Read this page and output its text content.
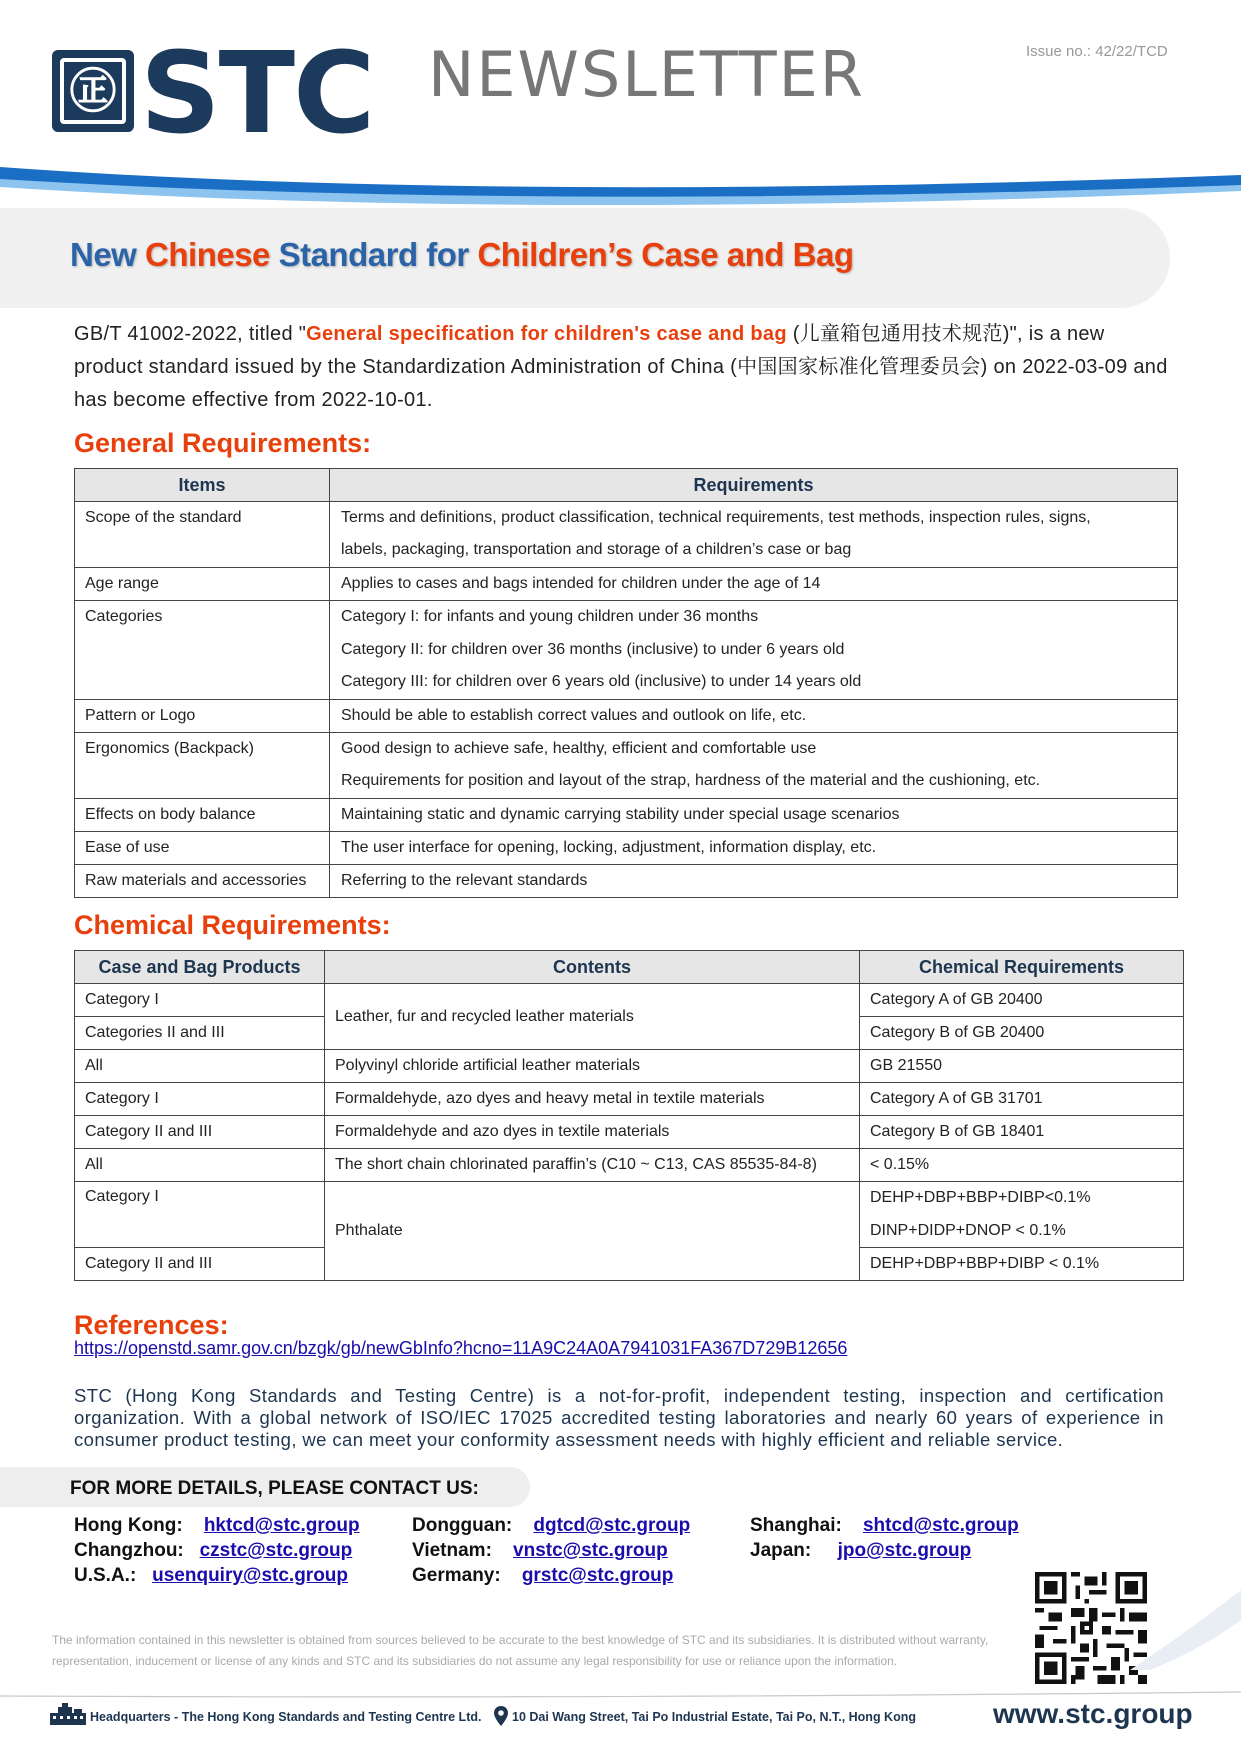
㊣ STC NEWSLETTER	Issue no.: 42/22/TCD
New Chinese Standard for Children’s Case and Bag
GB/T 41002-2022, titled "General specification for children's case and bag (儿童箱包通用技术规范)", is a new product standard issued by the Standardization Administration of China (中国国家标准化管理委员会) on 2022-03-09 and has become effective from 2022-10-01.
General Requirements:
Items	Requirements
Scope of the standard	Terms and definitions, product classification, technical requirements, test methods, inspection rules, signs,
labels, packaging, transportation and storage of a children’s case or bag

Age range	Applies to cases and bags intended for children under the age of 14

Categories	Category I: for infants and young children under 36 months
Category II: for children over 36 months (inclusive) to under 6 years old
Category III: for children over 6 years old (inclusive) to under 14 years old

Pattern or Logo	Should be able to establish correct values and outlook on life, etc.

Ergonomics (Backpack)	Good design to achieve safe, healthy, efficient and comfortable use
Requirements for position and layout of the strap, hardness of the material and the cushioning, etc.

Effects on body balance	Maintaining static and dynamic carrying stability under special usage scenarios

Ease of use	The user interface for opening, locking, adjustment, information display, etc.

Raw materials and accessories	Referring to the relevant standards
Chemical Requirements:
Case and Bag Products	Contents	Chemical Requirements
Category I	Leather, fur and recycled leather materials	Category A of GB 20400
Categories II and III		Category B of GB 20400
All	Polyvinyl chloride artificial leather materials	GB 21550
Category I	Formaldehyde, azo dyes and heavy metal in textile materials	Category A of GB 31701
Category II and III	Formaldehyde and azo dyes in textile materials	Category B of GB 18401
All	The short chain chlorinated paraffin’s (C10 ~ C13, CAS 85535-84-8)	< 0.15%
Category I	Phthalate	DEHP+DBP+BBP+DIBP<0.1%
DINP+DIDP+DNOP < 0.1%

Category II and III		DEHP+DBP+BBP+DIBP < 0.1%
References:
https://openstd.samr.gov.cn/bzgk/gb/newGbInfo?hcno=11A9C24A0A7941031FA367D729B12656
STC (Hong Kong Standards and Testing Centre) is a not-for-profit, independent testing, inspection and certification organization. With a global network of ISO/IEC 17025 accredited testing laboratories and nearly 60 years of experience in consumer product testing, we can meet your conformity assessment needs with highly efficient and reliable service.
FOR MORE DETAILS, PLEASE CONTACT US:
Hong Kong: hktcd@stc.group	Dongguan: dgtcd@stc.group	Shanghai: shtcd@stc.group
Changzhou: czstc@stc.group	Vietnam: vnstc@stc.group	Japan: jpo@stc.group
U.S.A.: usenquiry@stc.group	Germany: grstc@stc.group
The information contained in this newsletter is obtained from sources believed to be accurate to the best knowledge of STC and its subsidiaries. It is distributed without warranty, representation, inducement or license of any kinds and STC and its subsidiaries do not assume any legal responsibility for use or reliance upon the information.
Headquarters - The Hong Kong Standards and Testing Centre Ltd. 10 Dai Wang Street, Tai Po Industrial Estate, Tai Po, N.T., Hong Kong	www.stc.group
